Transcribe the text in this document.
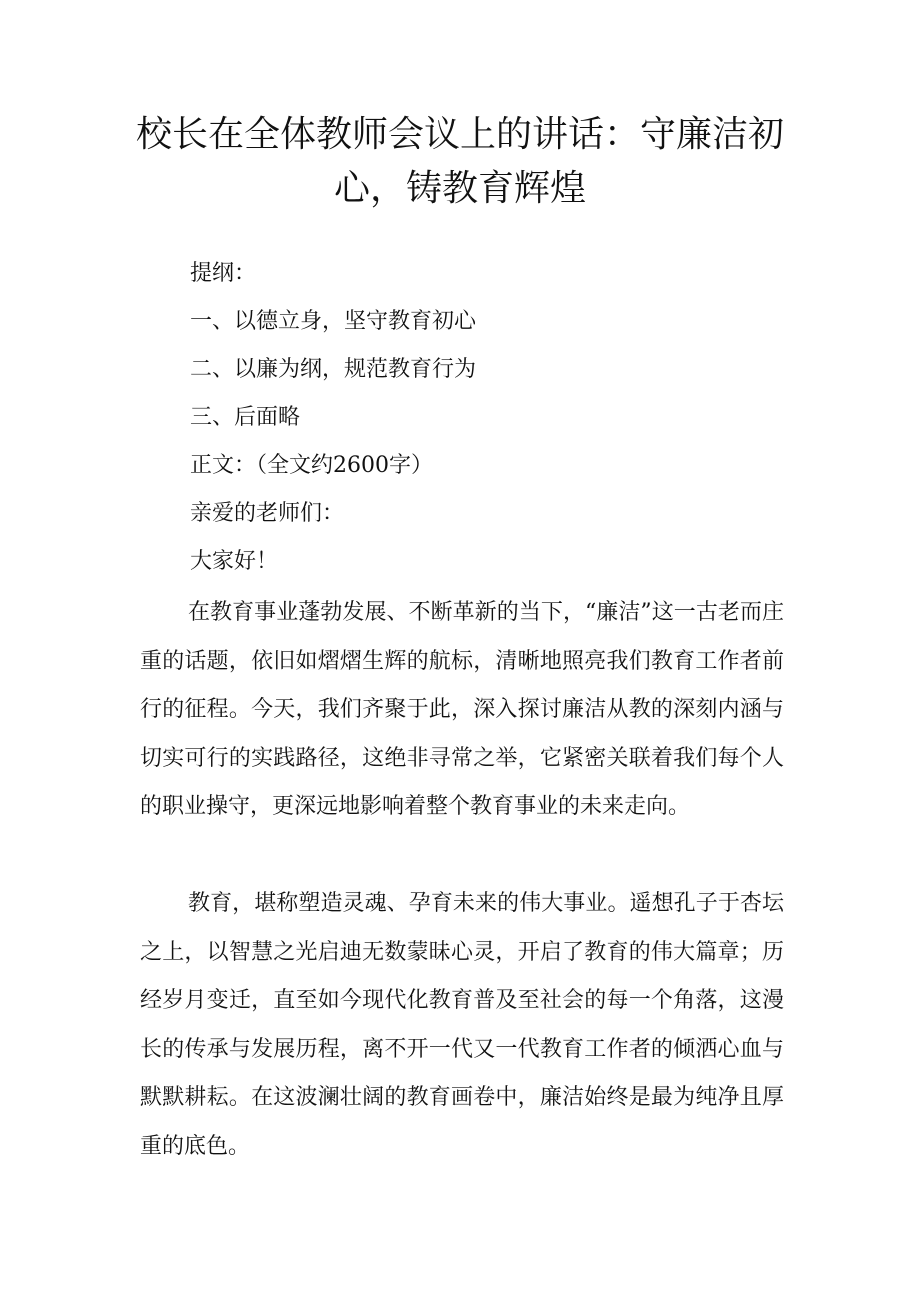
校长在全体教师会议上的讲话：守廉洁初心，铸教育辉煌
提纲：
一、以德立身，坚守教育初心
二、以廉为纲，规范教育行为
三、后面略
正文：（全文约2600字）
亲爱的老师们：
大家好！

在教育事业蓬勃发展、不断革新的当下，“廉洁”这一古老而庄重的话题，依旧如熠熠生辉的航标，清晰地照亮我们教育工作者前行的征程。今天，我们齐聚于此，深入探讨廉洁从教的深刻内涵与切实可行的实践路径，这绝非寻常之举，它紧密关联着我们每个人的职业操守，更深远地影响着整个教育事业的未来走向。

教育，堪称塑造灵魂、孕育未来的伟大事业。遥想孔子于杏坛之上，以智慧之光启迪无数蒙昧心灵，开启了教育的伟大篇章；历经岁月变迁，直至如今现代化教育普及至社会的每一个角落，这漫长的传承与发展历程，离不开一代又一代教育工作者的倾洒心血与默默耕耘。在这波澜壮阔的教育画卷中，廉洁始终是最为纯净且厚重的底色。
